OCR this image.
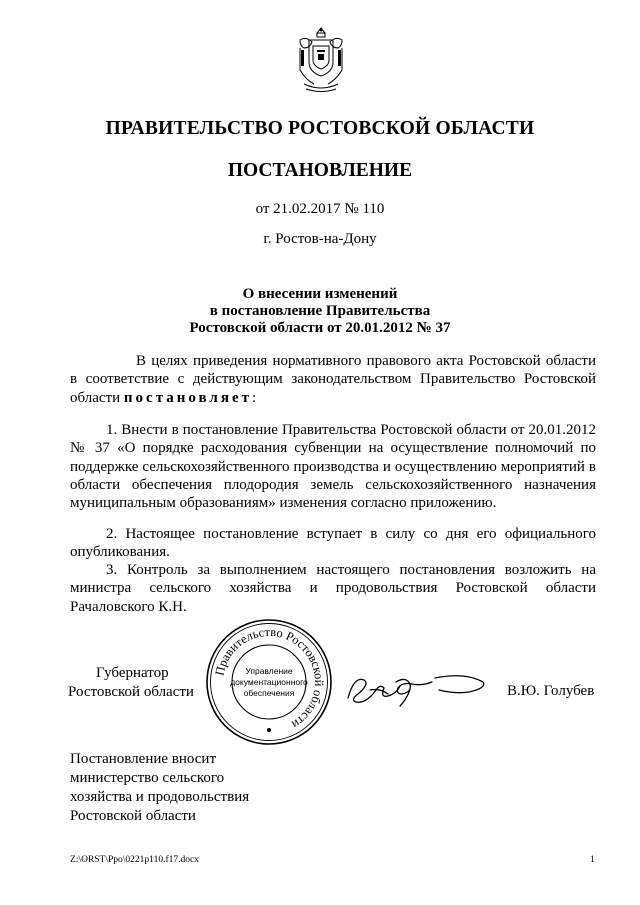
ПРАВИТЕЛЬСТВО РОСТОВСКОЙ ОБЛАСТИ
ПОСТАНОВЛЕНИЕ
от 21.02.2017 № 110
г. Ростов-на-Дону
О внесении изменений
в постановление Правительства
Ростовской области от 20.01.2012 № 37
В целях приведения нормативного правового акта Ростовской области в соответствие с действующим законодательством Правительство Ростовской области постановляет:
1. Внести в постановление Правительства Ростовской области от 20.01.2012 № 37 «О порядке расходования субвенции на осуществление полномочий по поддержке сельскохозяйственного производства и осуществлению мероприятий в области обеспечения плодородия земель сельскохозяйственного назначения муниципальным образованиям» изменения согласно приложению.
2. Настоящее постановление вступает в силу со дня его официального опубликования.
3. Контроль за выполнением настоящего постановления возложить на министра сельского хозяйства и продовольствия Ростовской области Рачаловского К.Н.
Губернатор
Ростовской области
Правительство Ростовской области
Управление
документационного
обеспечения	В.Ю. Голубев
Постановление вносит
министерство сельского
хозяйства и продовольствия
Ростовской области
Z:\ORST\Ppo\0221p110.f17.docx	1
